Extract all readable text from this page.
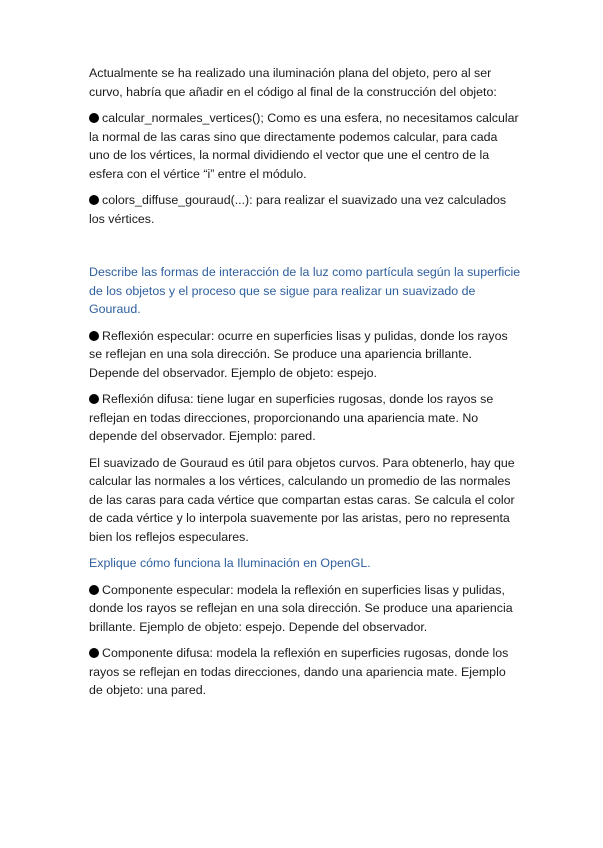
Actualmente se ha realizado una iluminación plana del objeto, pero al ser curvo, habría que añadir en el código al final de la construcción del objeto:

calcular_normales_vertices(); Como es una esfera, no necesitamos calcular la normal de las caras sino que directamente podemos calcular, para cada uno de los vértices, la normal dividiendo el vector que une el centro de la esfera con el vértice “i” entre el módulo.

colors_diffuse_gouraud(...): para realizar el suavizado una vez calculados los vértices.

Describe las formas de interacción de la luz como partícula según la superficie de los objetos y el proceso que se sigue para realizar un suavizado de Gouraud.

Reflexión especular: ocurre en superficies lisas y pulidas, donde los rayos se reflejan en una sola dirección. Se produce una apariencia brillante. Depende del observador. Ejemplo de objeto: espejo.

Reflexión difusa: tiene lugar en superficies rugosas, donde los rayos se reflejan en todas direcciones, proporcionando una apariencia mate. No depende del observador. Ejemplo: pared.

El suavizado de Gouraud es útil para objetos curvos. Para obtenerlo, hay que calcular las normales a los vértices, calculando un promedio de las normales de las caras para cada vértice que compartan estas caras. Se calcula el color de cada vértice y lo interpola suavemente por las aristas, pero no representa bien los reflejos especulares.

Explique cómo funciona la Iluminación en OpenGL.

Componente especular: modela la reflexión en superficies lisas y pulidas, donde los rayos se reflejan en una sola dirección. Se produce una apariencia brillante. Ejemplo de objeto: espejo. Depende del observador.

Componente difusa: modela la reflexión en superficies rugosas, donde los rayos se reflejan en todas direcciones, dando una apariencia mate. Ejemplo de objeto: una pared.
